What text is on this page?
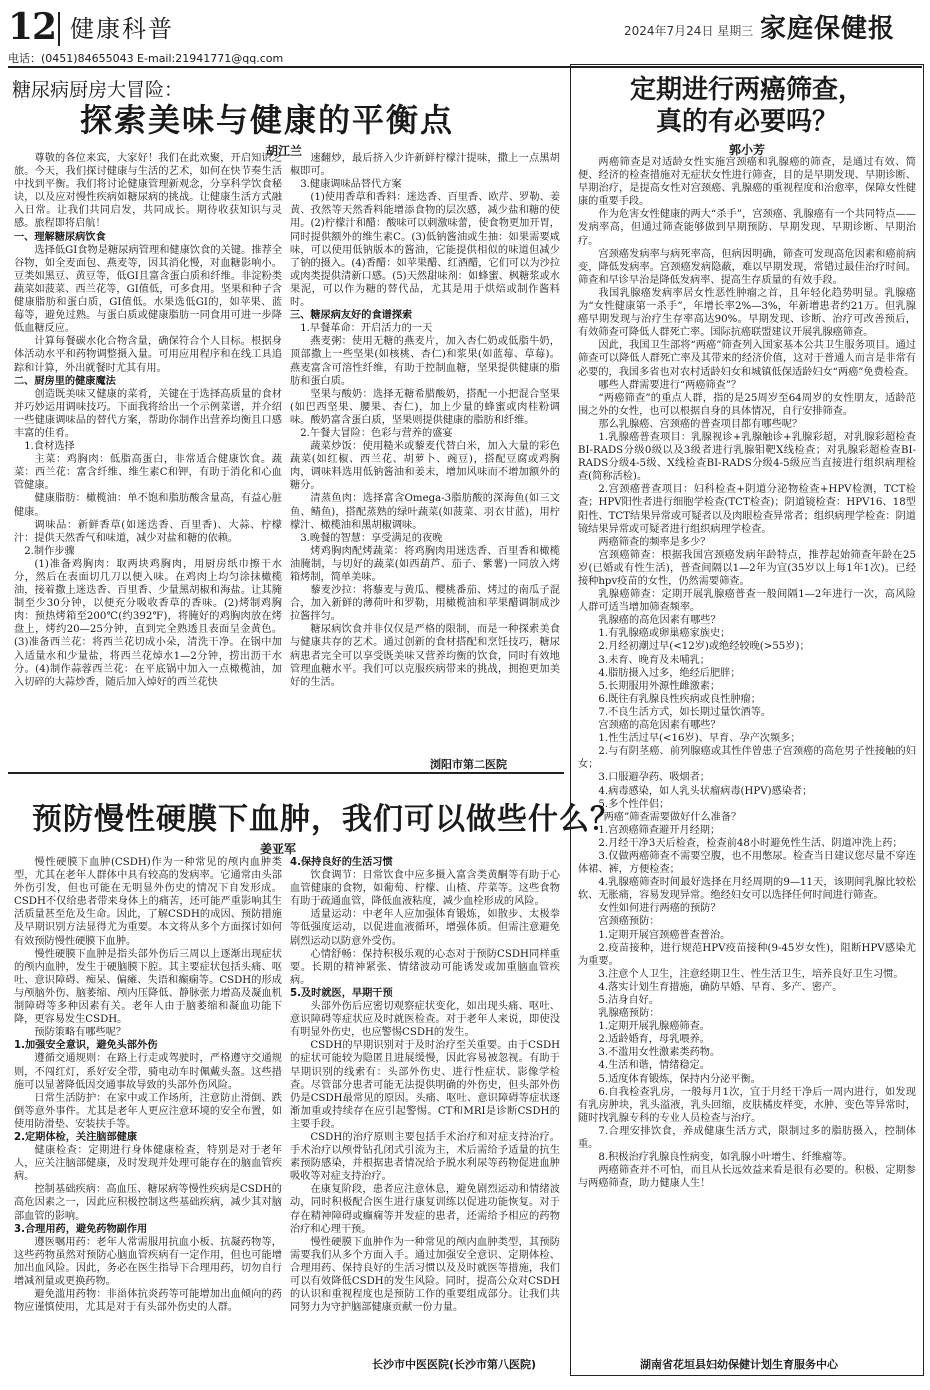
12 健康科普	2024年7月24日 星期三 家庭保健报
电话：(0451)84655043 E-mail:21941771@qq.com
糖尿病厨房大冒险：
探索美味与健康的平衡点
胡江兰

尊敬的各位来宾，大家好！我们在此欢聚，开启知识之旅。今天，我们探讨健康与生活的艺术，如何在快节奏生活中找到平衡。我们将讨论健康管理新观念，分享科学饮食秘诀，以及应对慢性疾病如糖尿病的挑战。让健康生活方式融入日常。让我们共同启发，共同成长。期待收获知识与灵感。旅程即将启航！

一、理解糖尿病饮食

选择低GI食物是糖尿病管理和健康饮食的关键。推荐全谷物，如全麦面包、燕麦等，因其消化慢，对血糖影响小。豆类如黑豆、黄豆等，低GI且富含蛋白质和纤维。非淀粉类蔬菜如菠菜、西兰花等，GI值低，可多食用。坚果和种子含健康脂肪和蛋白质，GI值低。水果选低GI的，如苹果、蓝莓等，避免过熟。与蛋白质或健康脂肪一同食用可进一步降低血糖反应。

计算每餐碳水化合物含量，确保符合个人目标。根据身体活动水平和药物调整摄入量。可用应用程序和在线工具追踪和计算，外出就餐时尤其有用。

二、厨房里的健康魔法

创造既美味又健康的菜肴，关键在于选择高质量的食材并巧妙运用调味技巧。下面我将给出一个示例菜谱，并介绍一些健康调味品的替代方案，帮助你制作出营养均衡且口感丰富的佳肴。

1.食材选择

主菜：鸡胸肉：低脂高蛋白，非常适合健康饮食。蔬菜：西兰花：富含纤维、维生素C和钾，有助于消化和心血管健康。

健康脂肪：橄榄油：单不饱和脂肪酸含量高，有益心脏健康。

调味品：新鲜香草(如迷迭香、百里香)、大蒜、柠檬汁：提供天然香气和味道，减少对盐和糖的依赖。

2.制作步骤

(1)准备鸡胸肉：取两块鸡胸肉，用厨房纸巾擦干水分，然后在表面切几刀以便入味。在鸡肉上均匀涂抹橄榄油，接着撒上迷迭香、百里香、少量黑胡椒和海盐。让其腌制至少30分钟，以便充分吸收香草的香味。(2)烤制鸡胸肉：预热烤箱至200℃(约392℉)，将腌好的鸡胸肉放在烤盘上，烤约20—25分钟，直到完全熟透且表面呈金黄色。(3)准备西兰花：将西兰花切成小朵，清洗干净。在锅中加入适量水和少量盐，将西兰花焯水1—2分钟，捞出沥干水分。(4)制作蒜蓉西兰花：在平底锅中加入一点橄榄油，加入切碎的大蒜炒香，随后加入焯好的西兰花快

速翻炒，最后挤入少许新鲜柠檬汁提味，撒上一点黑胡椒即可。

3.健康调味品替代方案

(1)使用香草和香料：迷迭香、百里香、欧芹、罗勒、姜黄、孜然等天然香料能增添食物的层次感，减少盐和糖的使用。(2)柠檬汁和醋：酸味可以刺激味蕾，使食物更加开胃，同时提供额外的维生素C。(3)低钠酱油或生抽：如果需要咸味，可以使用低钠版本的酱油，它能提供相似的味道但减少了钠的摄入。(4)香醋：如苹果醋、红酒醋，它们可以为沙拉或肉类提供清新口感。(5)天然甜味剂：如蜂蜜、枫糖浆或水果泥，可以作为糖的替代品，尤其是用于烘焙或制作酱料时。

三、糖尿病友好的食谱探索

1.早餐革命：开启活力的一天

燕麦粥：使用无糖的燕麦片，加入杏仁奶或低脂牛奶，顶部撒上一些坚果(如核桃、杏仁)和浆果(如蓝莓、草莓)。燕麦富含可溶性纤维，有助于控制血糖，坚果提供健康的脂肪和蛋白质。

坚果与酸奶：选择无糖希腊酸奶，搭配一小把混合坚果(如巴西坚果、腰果、杏仁)，加上少量的蜂蜜或肉桂粉调味。酸奶富含蛋白质，坚果则提供健康的脂肪和纤维。

2.午餐大冒险：色彩与营养的盛宴

蔬菜炒饭：使用糙米或藜麦代替白米，加入大量的彩色蔬菜(如红椒、西兰花、胡萝卜、豌豆)，搭配豆腐或鸡胸肉，调味料选用低钠酱油和姜末，增加风味而不增加额外的糖分。

清蒸鱼肉：选择富含Omega-3脂肪酸的深海鱼(如三文鱼、鲭鱼)，搭配蒸熟的绿叶蔬菜(如菠菜、羽衣甘蓝)，用柠檬汁、橄榄油和黑胡椒调味。

3.晚餐的智慧：享受满足的夜晚

烤鸡胸肉配烤蔬菜：将鸡胸肉用迷迭香、百里香和橄榄油腌制，与切好的蔬菜(如西葫芦、茄子、紫薯)一同放入烤箱烤制，简单美味。

藜麦沙拉：将藜麦与黄瓜、樱桃番茄、烤过的南瓜子混合，加入新鲜的薄荷叶和罗勒，用橄榄油和苹果醋调制成沙拉酱拌匀。

糖尿病饮食并非仅仅是严格的限制，而是一种探索美食与健康共存的艺术。通过创新的食材搭配和烹饪技巧，糖尿病患者完全可以享受既美味又营养均衡的饮食，同时有效地管理血糖水平。我们可以克服疾病带来的挑战，拥抱更加美好的生活。

浏阳市第二医院
预防慢性硬膜下血肿，我们可以做些什么？
姜亚军

慢性硬膜下血肿(CSDH)作为一种常见的颅内血肿类型，尤其在老年人群体中具有较高的发病率。它通常由头部外伤引发，但也可能在无明显外伤史的情况下自发形成。CSDH不仅给患者带来身体上的痛苦，还可能严重影响其生活质量甚至危及生命。因此，了解CSDH的成因、预防措施及早期识别方法显得尤为重要。本文将从多个方面探讨如何有效预防慢性硬膜下血肿。

慢性硬膜下血肿是指头部外伤后三周以上逐渐出现症状的颅内血肿，发生于硬脑膜下腔。其主要症状包括头痛、呕吐、意识障碍、痴呆、偏瘫、失语和癫痫等。CSDH的形成与颅脑外伤、脑萎缩、颅内压降低、静脉张力增高及凝血机制障碍等多种因素有关。老年人由于脑萎缩和凝血功能下降，更容易发生CSDH。

预防策略有哪些呢？

1.加强安全意识，避免头部外伤

遵循交通规则：在路上行走或驾驶时，严格遵守交通规则，不闯红灯，系好安全带，骑电动车时佩戴头盔。这些措施可以显著降低因交通事故导致的头部外伤风险。

日常生活防护：在家中或工作场所，注意防止滑倒、跌倒等意外事件。尤其是老年人更应注意环境的安全布置，如使用防滑垫、安装扶手等。

2.定期体检，关注脑部健康

健康检查：定期进行身体健康检查，特别是对于老年人，应关注脑部健康，及时发现并处理可能存在的脑血管疾病。

控制基础疾病：高血压、糖尿病等慢性疾病是CSDH的高危因素之一，因此应积极控制这些基础疾病，减少其对脑部血管的影响。

3.合理用药，避免药物副作用

遵医嘱用药：老年人常需服用抗血小板、抗凝药物等，这些药物虽然对预防心脑血管疾病有一定作用，但也可能增加出血风险。因此，务必在医生指导下合理用药，切勿自行增减剂量或更换药物。

避免滥用药物：非甾体抗炎药等可能增加出血倾向的药物应谨慎使用，尤其是对于有头部外伤史的人群。

4.保持良好的生活习惯

饮食调节：日常饮食中应多摄入富含类黄酮等有助于心血管健康的食物，如葡萄、柠檬、山楂、芹菜等。这些食物有助于疏通血管，降低血液粘度，减少血栓形成的风险。

适量运动：中老年人应加强体育锻炼，如散步、太极拳等低强度运动，以促进血液循环，增强体质。但需注意避免剧烈运动以防意外受伤。

心情舒畅：保持积极乐观的心态对于预防CSDH同样重要。长期的精神紧张、情绪波动可能诱发或加重脑血管疾病。

5.及时就医，早期干预

头部外伤后应密切观察症状变化，如出现头痛、呕吐、意识障碍等症状应及时就医检查。对于老年人来说，即使没有明显外伤史，也应警惕CSDH的发生。

CSDH的早期识别对于及时治疗至关重要。由于CSDH的症状可能较为隐匿且进展缓慢，因此容易被忽视。有助于早期识别的线索有：头部外伤史、进行性症状、影像学检查。尽管部分患者可能无法提供明确的外伤史，但头部外伤仍是CSDH最常见的原因。头痛、呕吐、意识障碍等症状逐渐加重或持续存在应引起警惕。CT和MRI是诊断CSDH的主要手段。

CSDH的治疗原则主要包括手术治疗和对症支持治疗。手术治疗以颅骨钻孔闭式引流为主，术后需给予适量的抗生素预防感染，并根据患者情况给予脱水利尿等药物促进血肿吸收等对症支持治疗。

在康复阶段，患者应注意休息，避免剧烈运动和情绪波动，同时积极配合医生进行康复训练以促进功能恢复。对于存在精神障碍或癫痫等并发症的患者，还需给予相应的药物治疗和心理干预。

慢性硬膜下血肿作为一种常见的颅内血肿类型，其预防需要我们从多个方面入手。通过加强安全意识、定期体检、合理用药、保持良好的生活习惯以及及时就医等措施，我们可以有效降低CSDH的发生风险。同时，提高公众对CSDH的认识和重视程度也是预防工作的重要组成部分。让我们共同努力为守护脑部健康贡献一份力量。

长沙市中医医院(长沙市第八医院)
定期进行两癌筛查，
真的有必要吗？
郭小芳

两癌筛查是对适龄女性实施宫颈癌和乳腺癌的筛查，是通过有效、简便、经济的检查措施对无症状女性进行筛查，目的是早期发现、早期诊断、早期治疗，是提高女性对宫颈癌、乳腺癌的重视程度和治愈率，保障女性健康的重要手段。

作为危害女性健康的两大“杀手”，宫颈癌、乳腺癌有一个共同特点——发病率高，但通过筛查能够做到早期预防、早期发现、早期诊断、早期治疗。

宫颈癌发病率与病死率高，但病因明确，筛查可发现高危因素和癌前病变，降低发病率。宫颈癌发病隐蔽，难以早期发现，常错过最佳治疗时间。筛查和早诊早治是降低发病率、提高生存质量的有效手段。

我国乳腺癌发病率居女性恶性肿瘤之首，且年轻化趋势明显。乳腺癌为“女性健康第一杀手”，年增长率2%—3%，年新增患者约21万。但乳腺癌早期发现与治疗生存率高达90%。早期发现、诊断、治疗可改善预后，有效筛查可降低人群死亡率。国际抗癌联盟建议开展乳腺癌筛查。

因此，我国卫生部将“两癌”筛查列入国家基本公共卫生服务项目。通过筛查可以降低人群死亡率及其带来的经济价值，这对于普通人而言是非常有必要的，我国多省也对农村适龄妇女和城镇低保适龄妇女“两癌”免费检查。

哪些人群需要进行“两癌筛查”？

“两癌筛查”的重点人群，指的是25周岁至64周岁的女性朋友，适龄范围之外的女性，也可以根据自身的具体情况，自行安排筛查。

那么乳腺癌、宫颈癌的普查项目都有哪些呢？

1.乳腺癌普查项目：乳腺视诊+乳腺触诊+乳腺彩超，对乳腺彩超检查BI-RADS分级0级以及3级者进行乳腺钼靶X线检查；对乳腺彩超检查BI-RADS分级4-5级、X线检查BI-RADS分级4-5级应当直接进行组织病理检查(简称活检)。

2.宫颈癌普查项目：妇科检查+阴道分泌物检查+HPV检测，TCT检查；HPV阳性者进行细胞学检查(TCT检查)；阴道镜检查：HPV16、18型阳性、TCT结果异常或可疑者以及肉眼检查异常者；组织病理学检查：阴道镜结果异常或可疑者进行组织病理学检查。

两癌筛查的频率是多少？

宫颈癌筛查：根据我国宫颈癌发病年龄特点，推荐起始筛查年龄在25岁(已婚或有性生活)，普查间隔以1—2年为宜(35岁以上每1年1次)。已经接种hpv疫苗的女性，仍然需要筛查。

乳腺癌筛查：定期开展乳腺癌普查一般间隔1—2年进行一次，高风险人群可适当增加筛查频率。

乳腺癌的高危因素有哪些？

1.有乳腺癌或卵巢癌家族史；

2.月经初潮过早(<12岁)或绝经较晚(>55岁)；

3.未育、晚育及未哺乳；

4.脂肪摄入过多，绝经后肥胖；

5.长期服用外源性雌激素；

6.既往有乳腺良性疾病或良性肿瘤；

7.不良生活方式，如长期过量饮酒等。

宫颈癌的高危因素有哪些？

1.性生活过早(<16岁)、早育、孕产次频多；

2.与有阴茎癌、前列腺癌或其性伴曾患子宫颈癌的高危男子性接触的妇女；

3.口服避孕药、吸烟者；

4.病毒感染，如人乳头状瘤病毒(HPV)感染者；

5.多个性伴侣；

“两癌”筛查需要做好什么准备？

1.宫颈癌筛查避开月经期；

2.月经干净3天后检查，检查前48小时避免性生活、阴道冲洗上药；

3.仅做两癌筛查不需要空腹，也不用憋尿。检查当日建议您尽量不穿连体裙、裤，方便检查；

4.乳腺癌筛查时间最好选择在月经周期的9—11天，该期间乳腺比较松软、无胀痛，容易发现异常。绝经妇女可以选择任何时间进行筛查。

女性如何进行两癌的预防？

宫颈癌预防：

1.定期开展宫颈癌普查普治。

2.疫苗接种，进行规范HPV疫苗接种(9-45岁女性)，阻断HPV感染尤为重要。

3.注意个人卫生，注意经期卫生、性生活卫生，培养良好卫生习惯。

4.落实计划生育措施，确防早婚、早育、多产、密产。

5.洁身自好。

乳腺癌预防：

1.定期开展乳腺癌筛查。

2.适龄婚育，母乳喂养。

3.不滥用女性激素类药物。

4.生活和谐，情绪稳定。

5.适度体育锻炼，保持内分泌平衡。

6.自我检查乳房，一般每月1次，宜于月经干净后一周内进行，如发现有乳房肿块，乳头溢液，乳头回缩，皮肤橘皮样变，水肿、变色等异常时，随时找乳腺专科的专业人员检查与治疗。

7.合理安排饮食，养成健康生活方式，限制过多的脂肪摄入，控制体重。

8.积极治疗乳腺良性病变，如乳腺小叶增生、纤维瘤等。

两癌筛查并不可怕，而且从长远效益来看是很有必要的。积极、定期参与两癌筛查，助力健康人生！

湖南省花垣县妇幼保健计划生育服务中心
